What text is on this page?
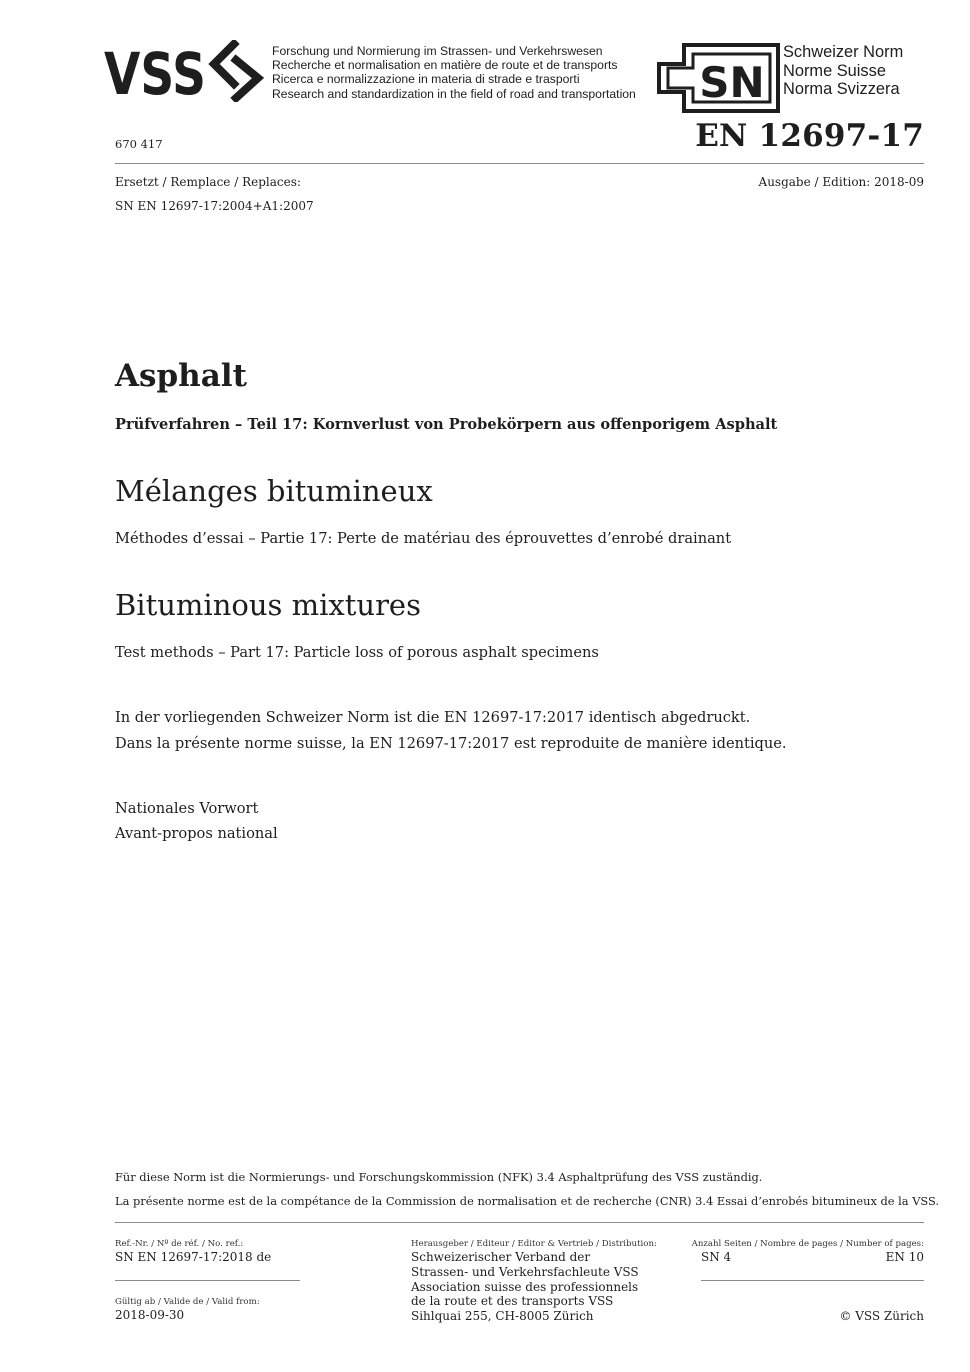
VSS	Forschung und Normierung im Strassen- und Verkehrswesen
Recherche et normalisation en matière de route et de transports
Ricerca e normalizzazione in materia di strade e trasporti
Research and standardization in the field of road and transportation SN
Schweizer Norm
Norme Suisse
Norma Svizzera
670 417	EN 12697-17
Ersetzt / Remplace / Replaces:	Ausgabe / Edition: 2018-09
SN EN 12697-17:2004+A1:2007
Asphalt
Prüfverfahren – Teil 17: Kornverlust von Probekörpern aus offenporigem Asphalt
Mélanges bitumineux
Méthodes d’essai – Partie 17: Perte de matériau des éprouvettes d’enrobé drainant
Bituminous mixtures
Test methods – Part 17: Particle loss of porous asphalt specimens
In der vorliegenden Schweizer Norm ist die EN 12697-17:2017 identisch abgedruckt.
Dans la présente norme suisse, la EN 12697-17:2017 est reproduite de manière identique.
Nationales Vorwort
Avant-propos national
Für diese Norm ist die Normierungs- und Forschungskommission (NFK) 3.4 Asphaltprüfung des VSS zuständig.
La présente norme est de la compétance de la Commission de normalisation et de recherche (CNR) 3.4 Essai d’enrobés bitumineux de la VSS.
Ref.-Nr. / Nº de réf. / No. ref.:
SN EN 12697-17:2018 de
Gültig ab / Valide de / Valid from:
2018-09-30
Herausgeber / Editeur / Editor & Vertrieb / Distribution:
Schweizerischer Verband der
Strassen- und Verkehrsfachleute VSS
Association suisse des professionnels
de la route et des transports VSS
Sihlquai 255, CH-8005 Zürich
Anzahl Seiten / Nombre de pages / Number of pages:
SN 4	EN 10
© VSS Zürich
